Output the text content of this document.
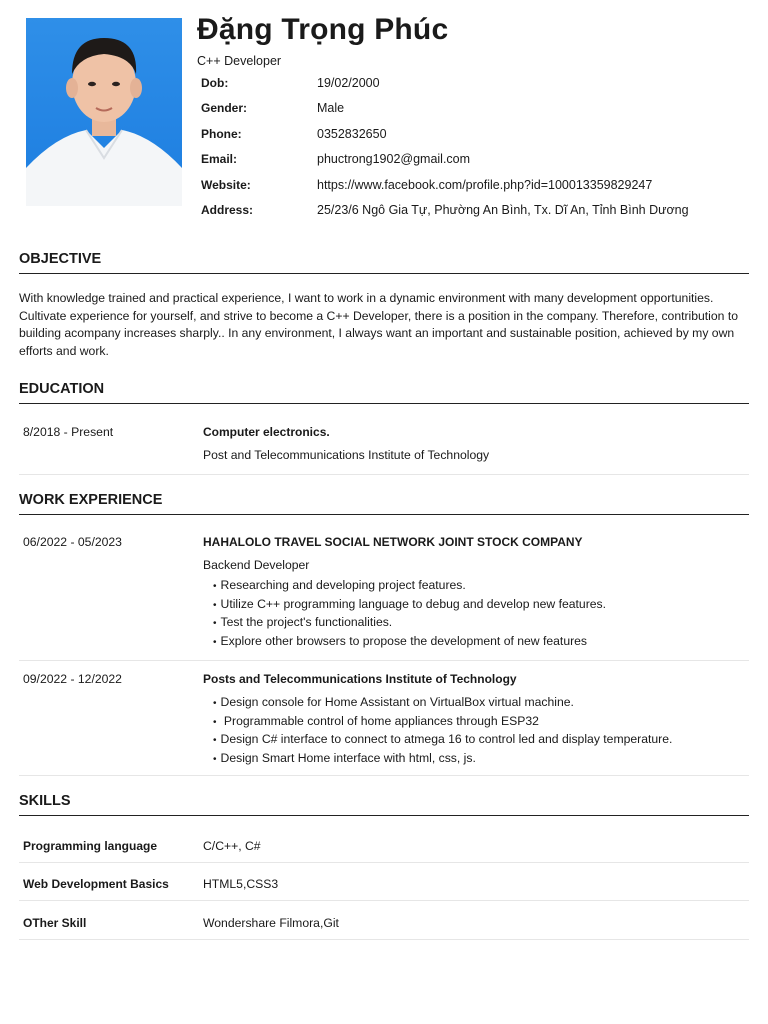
Đặng Trọng Phúc
C++ Developer
Dob:	19/02/2000
Gender:	Male
Phone:	0352832650
Email:	phuctrong1902@gmail.com
Website:	https://www.facebook.com/profile.php?id=100013359829247
Address:	25/23/6 Ngô Gia Tự, Phường An Bình, Tx. Dĩ An, Tỉnh Bình Dương
OBJECTIVE
With knowledge trained and practical experience, I want to work in a dynamic environment with many development opportunities. Cultivate experience for yourself, and strive to become a C++ Developer, there is a position in the company. Therefore, contribution to building acompany increases sharply.. In any environment, I always want an important and sustainable position, achieved by my own efforts and work.
EDUCATION
8/2018 - Present	Computer electronics.
Post and Telecommunications Institute of Technology
WORK EXPERIENCE
06/2022 - 05/2023	HAHALOLO TRAVEL SOCIAL NETWORK JOINT STOCK COMPANY
Backend Developer
• Researching and developing project features.
• Utilize C++ programming language to debug and develop new features.
• Test the project's functionalities.
• Explore other browsers to propose the development of new features
09/2022 - 12/2022	Posts and Telecommunications Institute of Technology
• Design console for Home Assistant on VirtualBox virtual machine.
• Programmable control of home appliances through ESP32
• Design C# interface to connect to atmega 16 to control led and display temperature.
• Design Smart Home interface with html, css, js.
SKILLS
Programming language	C/C++, C#
Web Development Basics	HTML5,CSS3
OTher Skill	Wondershare Filmora,Git
